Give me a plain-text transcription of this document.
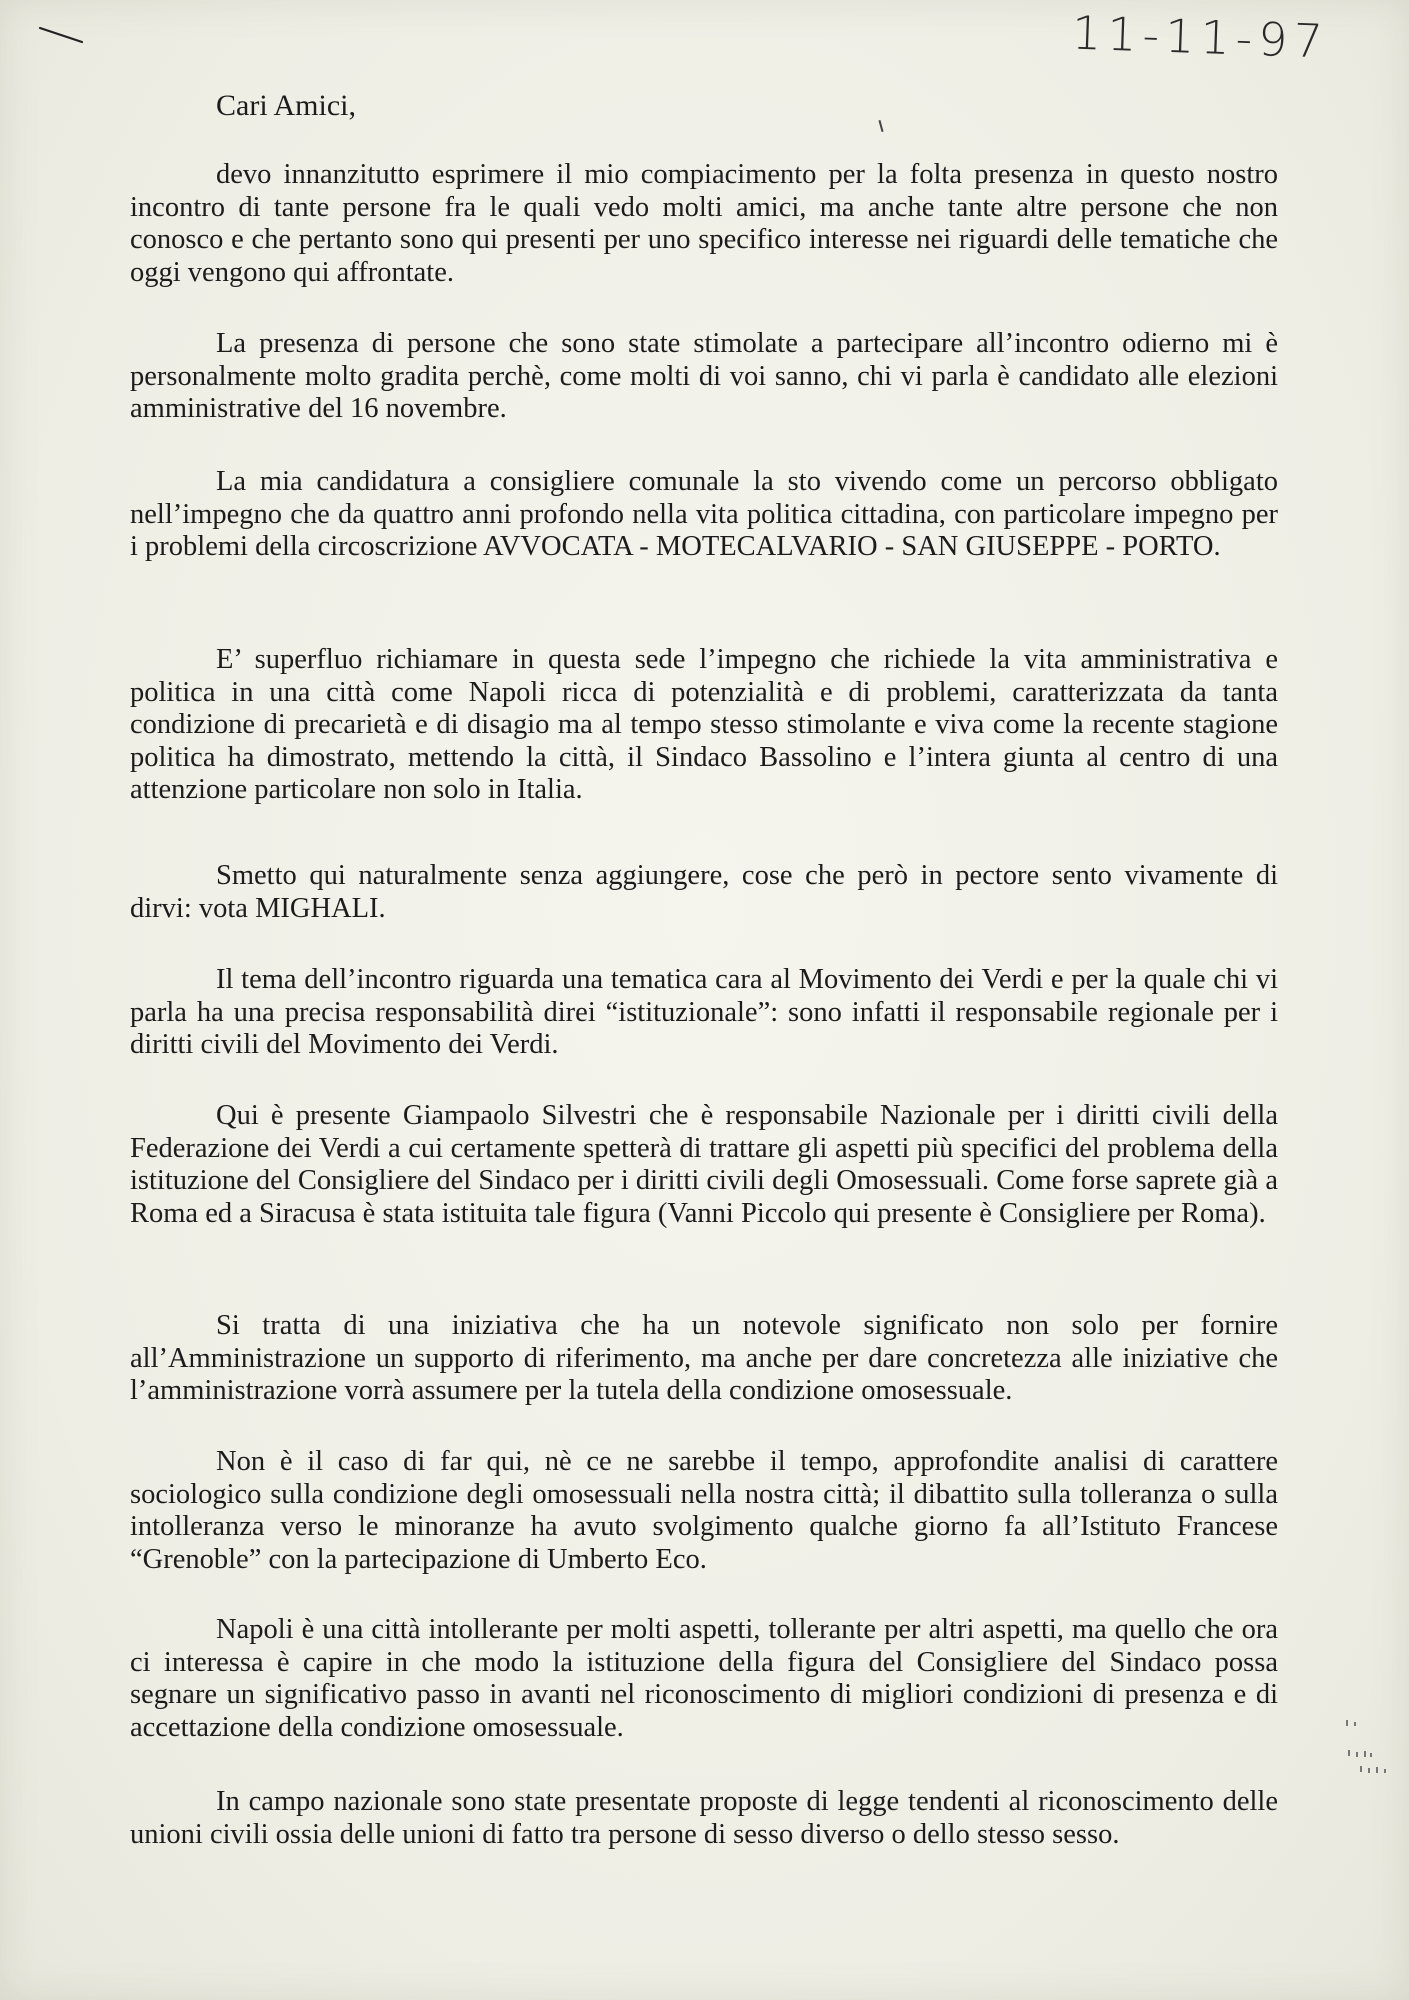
11-11-97
Cari Amici,

devo innanzitutto esprimere il mio compiacimento per la folta presenza in questo nostro incontro di tante persone fra le quali vedo molti amici, ma anche tante altre persone che non conosco e che pertanto sono qui presenti per uno specifico interesse nei riguardi delle tematiche che oggi vengono qui affrontate.

La presenza di persone che sono state stimolate a partecipare all’incontro odierno mi è personalmente molto gradita perchè, come molti di voi sanno, chi vi parla è candidato alle elezioni amministrative del 16 novembre.

La mia candidatura a consigliere comunale la sto vivendo come un percorso obbligato nell’impegno che da quattro anni profondo nella vita politica cittadina, con particolare impegno per i problemi della circoscrizione AVVOCATA - MOTECALVARIO - SAN GIUSEPPE - PORTO.

E’ superfluo richiamare in questa sede l’impegno che richiede la vita amministrativa e politica in una città come Napoli ricca di potenzialità e di problemi, caratterizzata da tanta condizione di precarietà e di disagio ma al tempo stesso stimolante e viva come la recente stagione politica ha dimostrato, mettendo la città, il Sindaco Bassolino e l’intera giunta al centro di una attenzione particolare non solo in Italia.

Smetto qui naturalmente senza aggiungere, cose che però in pectore sento vivamente di dirvi: vota MIGHALI.

Il tema dell’incontro riguarda una tematica cara al Movimento dei Verdi e per la quale chi vi parla ha una precisa responsabilità direi “istituzionale”: sono infatti il responsabile regionale per i diritti civili del Movimento dei Verdi.

Qui è presente Giampaolo Silvestri che è responsabile Nazionale per i diritti civili della Federazione dei Verdi a cui certamente spetterà di trattare gli aspetti più specifici del problema della istituzione del Consigliere del Sindaco per i diritti civili degli Omosessuali. Come forse saprete già a Roma ed a Siracusa è stata istituita tale figura (Vanni Piccolo qui presente è Consigliere per Roma).

Si tratta di una iniziativa che ha un notevole significato non solo per fornire all’Amministrazione un supporto di riferimento, ma anche per dare concretezza alle iniziative che l’amministrazione vorrà assumere per la tutela della condizione omosessuale.

Non è il caso di far qui, nè ce ne sarebbe il tempo, approfondite analisi di carattere sociologico sulla condizione degli omosessuali nella nostra città; il dibattito sulla tolleranza o sulla intolleranza verso le minoranze ha avuto svolgimento qualche giorno fa all’Istituto Francese “Grenoble” con la partecipazione di Umberto Eco.

Napoli è una città intollerante per molti aspetti, tollerante per altri aspetti, ma quello che ora ci interessa è capire in che modo la istituzione della figura del Consigliere del Sindaco possa segnare un significativo passo in avanti nel riconoscimento di migliori condizioni di presenza e di accettazione della condizione omosessuale.

In campo nazionale sono state presentate proposte di legge tendenti al riconoscimento delle unioni civili ossia delle unioni di fatto tra persone di sesso diverso o dello stesso sesso.
